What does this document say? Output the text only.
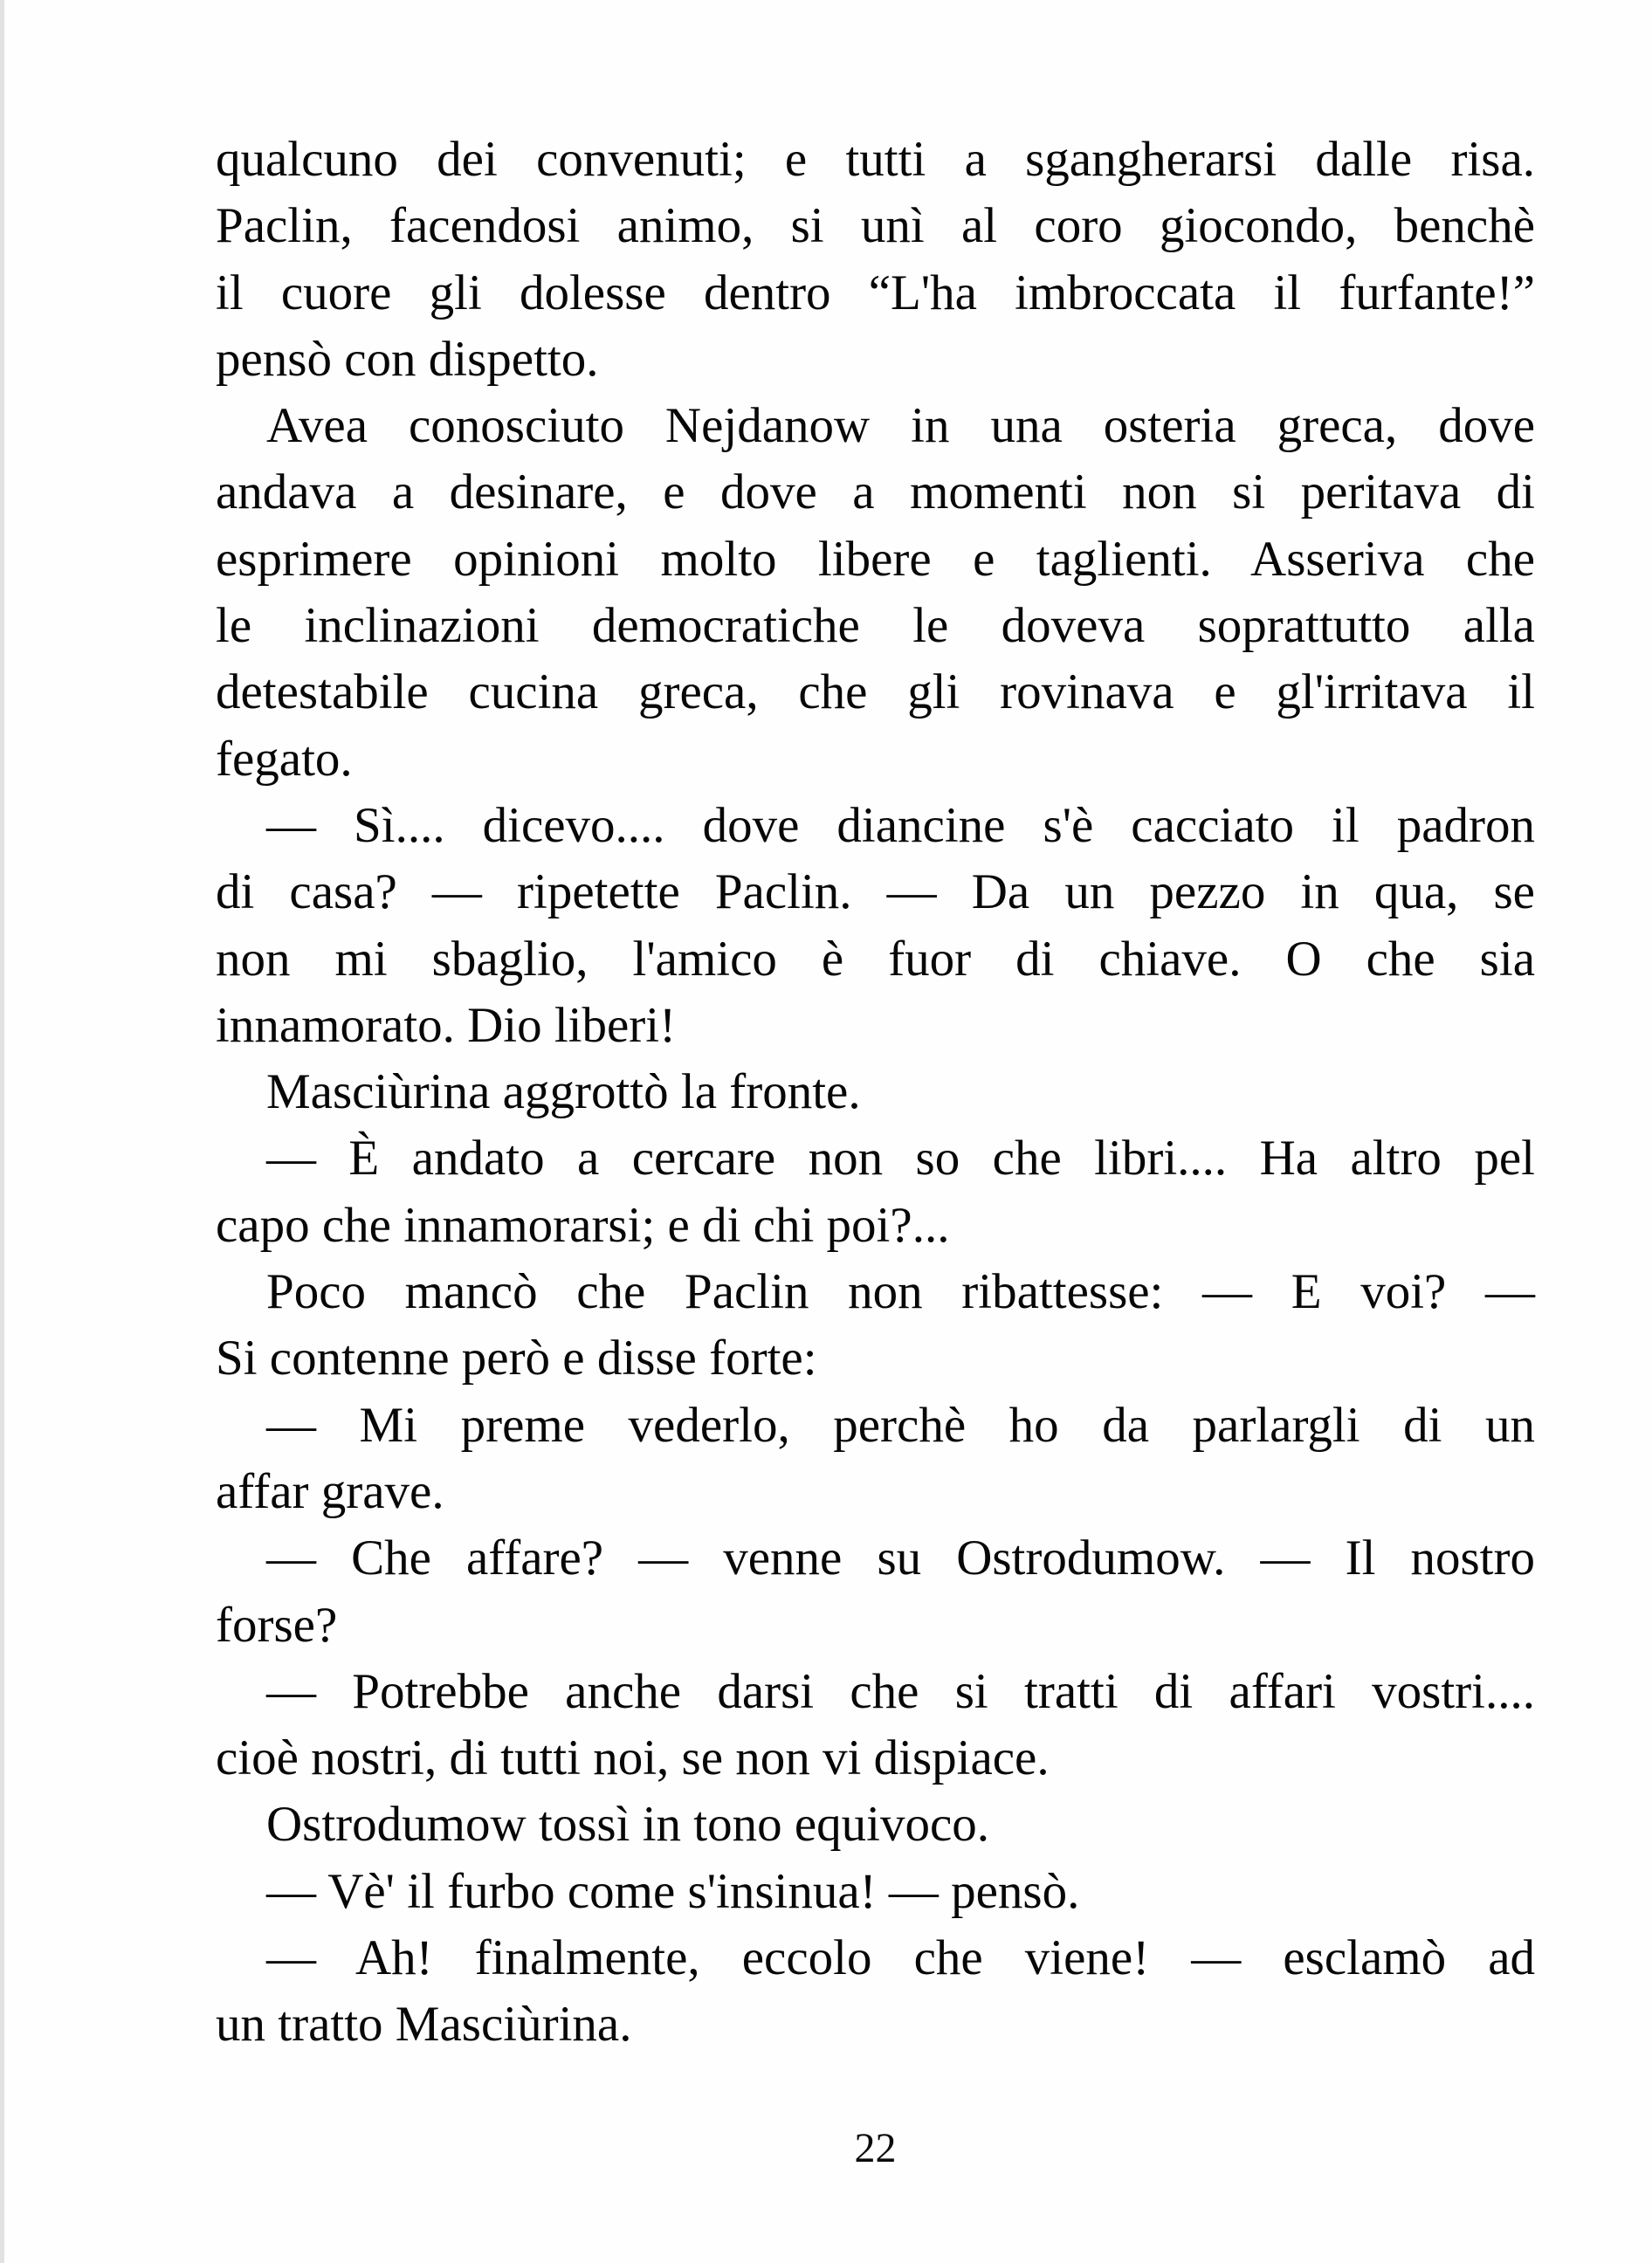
qualcuno dei convenuti; e tutti a sgangherarsi dalle risa.
Paclin, facendosi animo, si unì al coro giocondo, benchè
il cuore gli dolesse dentro “L'ha imbroccata il furfante!”
pensò con dispetto.
Avea conosciuto Nejdanow in una osteria greca, dove
andava a desinare, e dove a momenti non si peritava di
esprimere opinioni molto libere e taglienti. Asseriva che
le inclinazioni democratiche le doveva soprattutto alla
detestabile cucina greca, che gli rovinava e gl'irritava il
fegato.
— Sì.... dicevo.... dove diancine s'è cacciato il padron
di casa? — ripetette Paclin. — Da un pezzo in qua, se
non mi sbaglio, l'amico è fuor di chiave. O che sia
innamorato. Dio liberi!
Masciùrina aggrottò la fronte.
— È andato a cercare non so che libri.... Ha altro pel
capo che innamorarsi; e di chi poi?...
Poco mancò che Paclin non ribattesse: — E voi? —
Si contenne però e disse forte:
— Mi preme vederlo, perchè ho da parlargli di un
affar grave.
— Che affare? — venne su Ostrodumow. — Il nostro
forse?
— Potrebbe anche darsi che si tratti di affari vostri....
cioè nostri, di tutti noi, se non vi dispiace.
Ostrodumow tossì in tono equivoco.
— Vè' il furbo come s'insinua! — pensò.
— Ah! finalmente, eccolo che viene! — esclamò ad
un tratto Masciùrina.
22
